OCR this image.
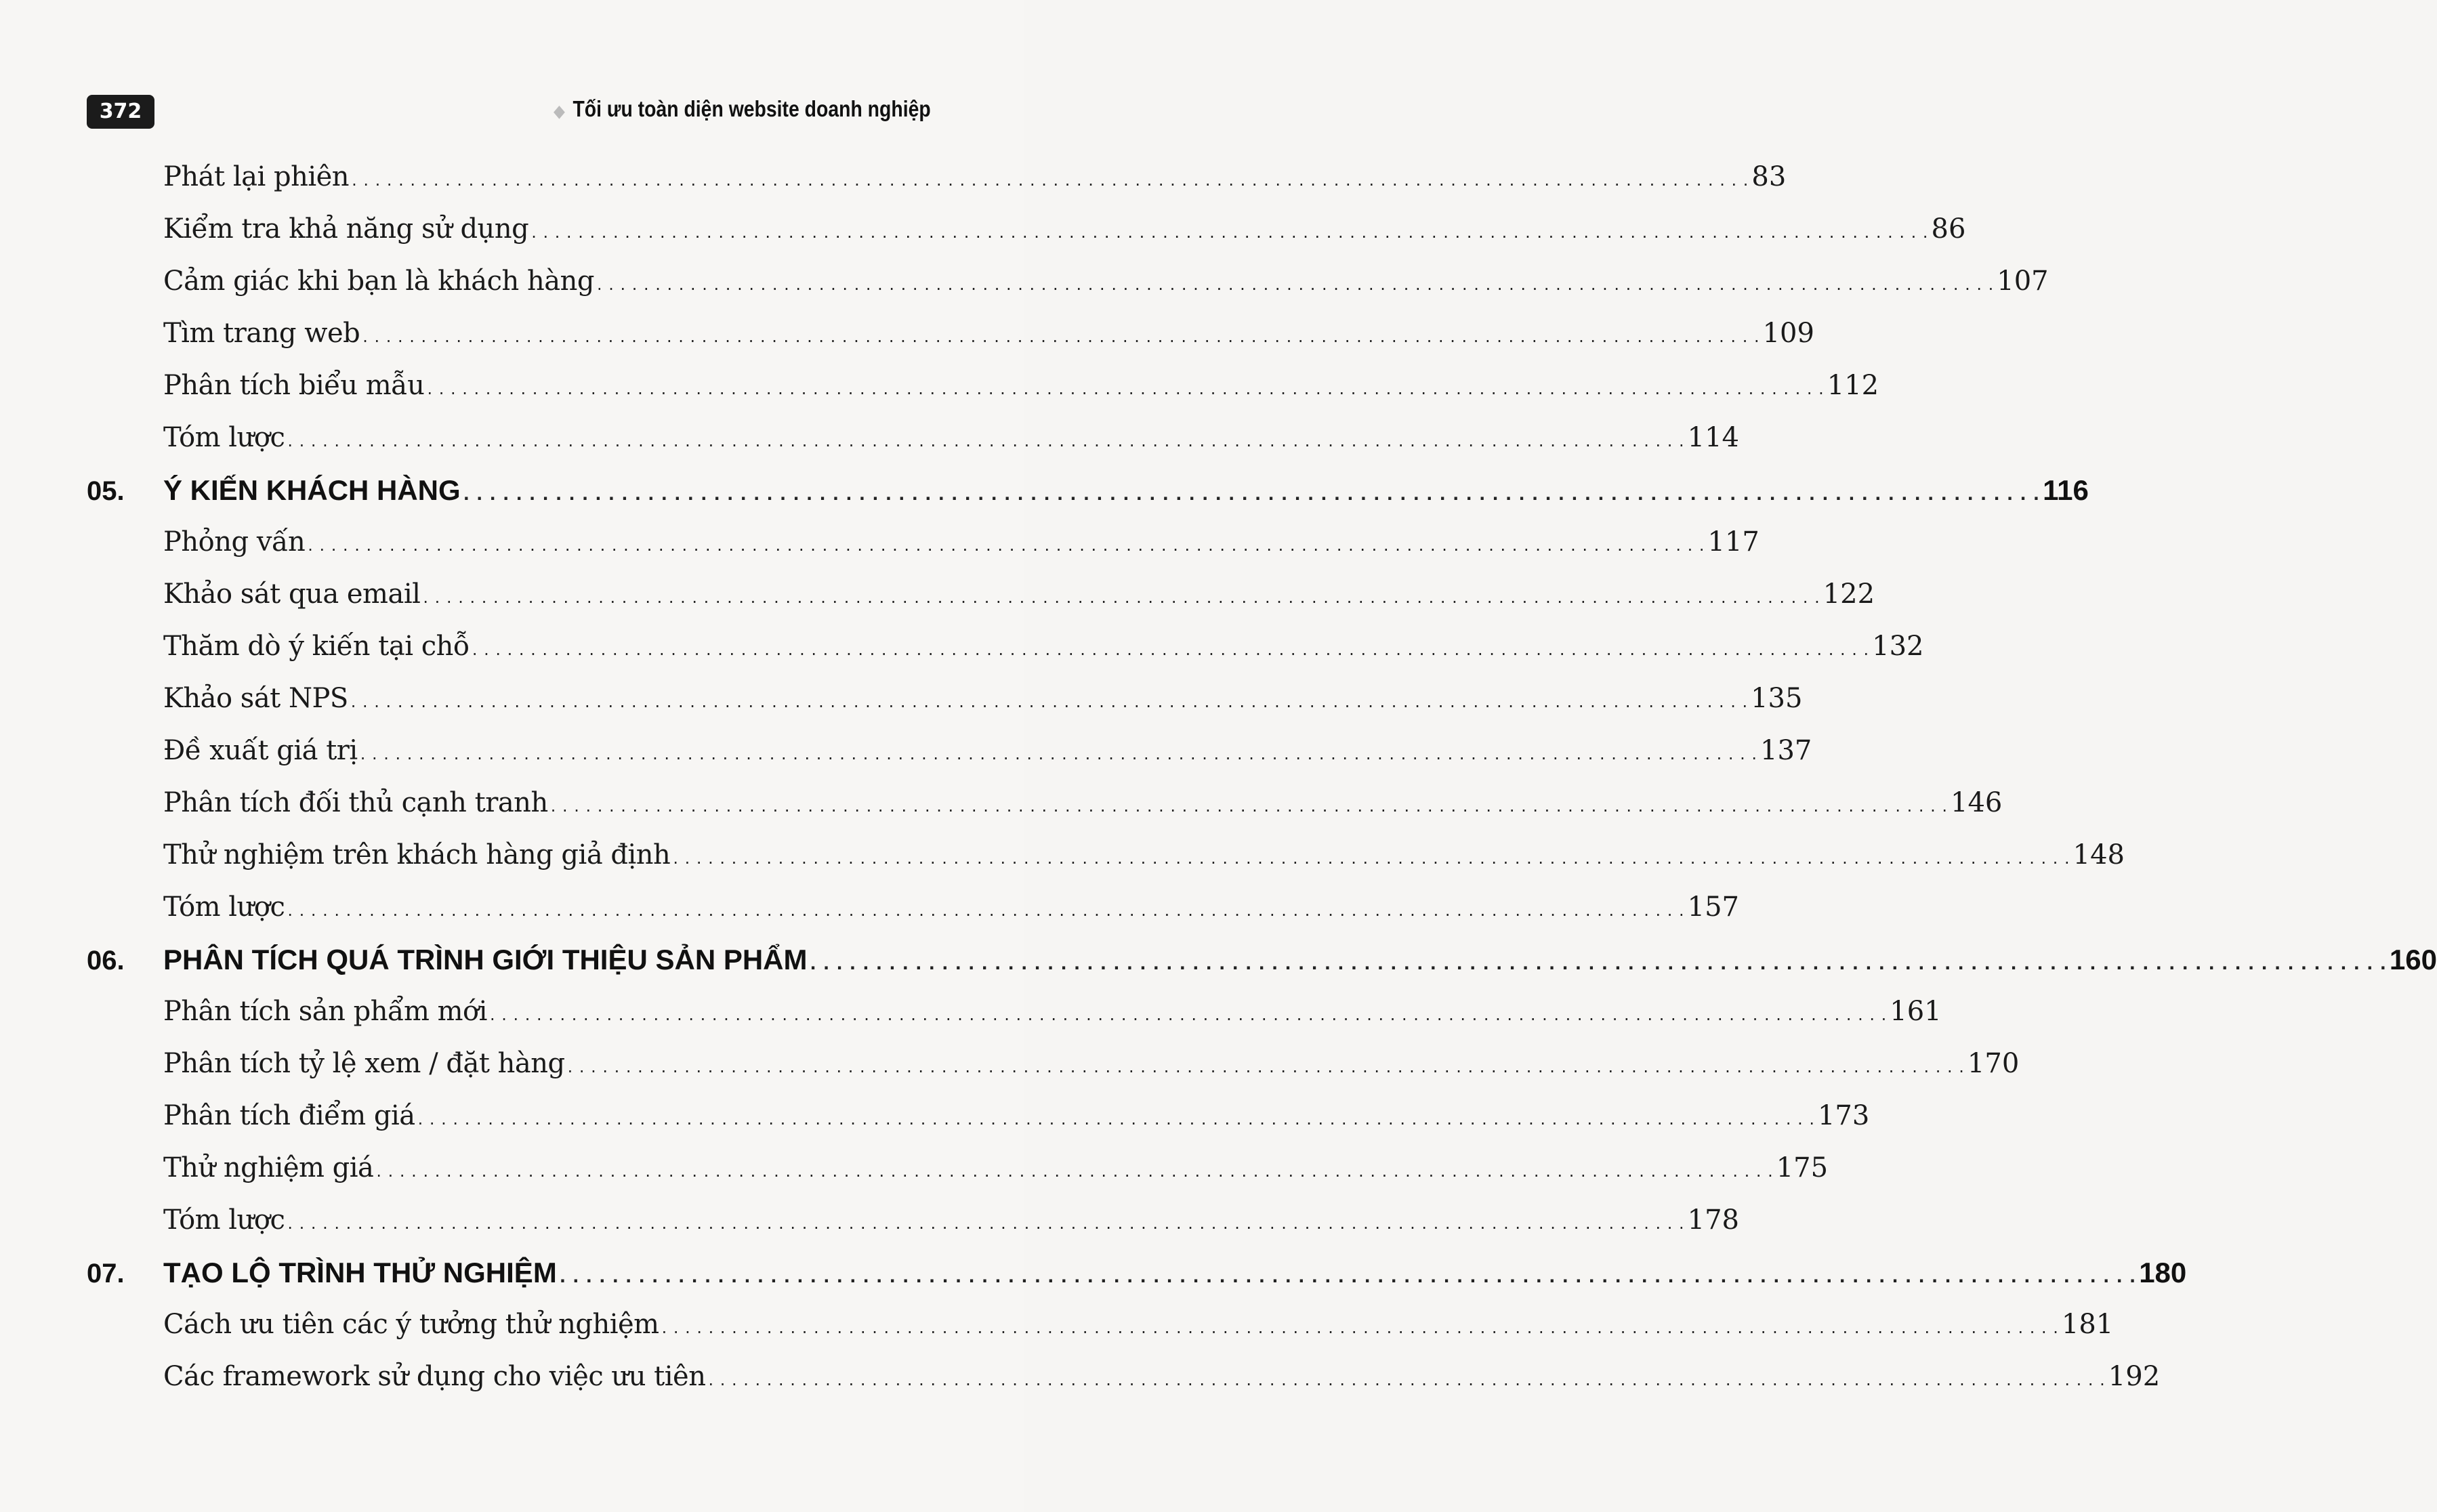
372	◆ Tối ưu toàn diện website doanh nghiệp
Phát lại phiên . . . . . . . . . . . . . . . . . . . . . . . . . . . . . . . . . . . . . . . . . . . . . . . . . . . . . . . . . . . . . . . . . . . . . . . . . . . . . . . . . . . . . . . . . . . . . . . . . . . . . . . . . . . . . . . . . . . . . . . . 83
Kiểm tra khả năng sử dụng . . . . . . . . . . . . . . . . . . . . . . . . . . . . . . . . . . . . . . . . . . . . . . . . . . . . . . . . . . . . . . . . . . . . . . . . . . . . . . . . . . . . . . . . . . . . . . . . . . . . . . . . . . . . . . . . . . . . . . . . 86
Cảm giác khi bạn là khách hàng . . . . . . . . . . . . . . . . . . . . . . . . . . . . . . . . . . . . . . . . . . . . . . . . . . . . . . . . . . . . . . . . . . . . . . . . . . . . . . . . . . . . . . . . . . . . . . . . . . . . . . . . . . . . . . . . . . . . . . . . 107
Tìm trang web . . . . . . . . . . . . . . . . . . . . . . . . . . . . . . . . . . . . . . . . . . . . . . . . . . . . . . . . . . . . . . . . . . . . . . . . . . . . . . . . . . . . . . . . . . . . . . . . . . . . . . . . . . . . . . . . . . . . . . . . 109
Phân tích biểu mẫu . . . . . . . . . . . . . . . . . . . . . . . . . . . . . . . . . . . . . . . . . . . . . . . . . . . . . . . . . . . . . . . . . . . . . . . . . . . . . . . . . . . . . . . . . . . . . . . . . . . . . . . . . . . . . . . . . . . . . . . . 112
Tóm lược . . . . . . . . . . . . . . . . . . . . . . . . . . . . . . . . . . . . . . . . . . . . . . . . . . . . . . . . . . . . . . . . . . . . . . . . . . . . . . . . . . . . . . . . . . . . . . . . . . . . . . . . . . . . . . . . . . . . . . . . 114
05.	Ý KIẾN KHÁCH HÀNG . . . . . . . . . . . . . . . . . . . . . . . . . . . . . . . . . . . . . . . . . . . . . . . . . . . . . . . . . . . . . . . . . . . . . . . . . . . . . . . . . . . . . . . . . . . . . . . . . . . . . . . . . . . . . . . . . . . . . . . . 116
Phỏng vấn . . . . . . . . . . . . . . . . . . . . . . . . . . . . . . . . . . . . . . . . . . . . . . . . . . . . . . . . . . . . . . . . . . . . . . . . . . . . . . . . . . . . . . . . . . . . . . . . . . . . . . . . . . . . . . . . . . . . . . . . 117
Khảo sát qua email . . . . . . . . . . . . . . . . . . . . . . . . . . . . . . . . . . . . . . . . . . . . . . . . . . . . . . . . . . . . . . . . . . . . . . . . . . . . . . . . . . . . . . . . . . . . . . . . . . . . . . . . . . . . . . . . . . . . . . . . 122
Thăm dò ý kiến tại chỗ . . . . . . . . . . . . . . . . . . . . . . . . . . . . . . . . . . . . . . . . . . . . . . . . . . . . . . . . . . . . . . . . . . . . . . . . . . . . . . . . . . . . . . . . . . . . . . . . . . . . . . . . . . . . . . . . . . . . . . . . 132
Khảo sát NPS . . . . . . . . . . . . . . . . . . . . . . . . . . . . . . . . . . . . . . . . . . . . . . . . . . . . . . . . . . . . . . . . . . . . . . . . . . . . . . . . . . . . . . . . . . . . . . . . . . . . . . . . . . . . . . . . . . . . . . . . 135
Đề xuất giá trị . . . . . . . . . . . . . . . . . . . . . . . . . . . . . . . . . . . . . . . . . . . . . . . . . . . . . . . . . . . . . . . . . . . . . . . . . . . . . . . . . . . . . . . . . . . . . . . . . . . . . . . . . . . . . . . . . . . . . . . . 137
Phân tích đối thủ cạnh tranh . . . . . . . . . . . . . . . . . . . . . . . . . . . . . . . . . . . . . . . . . . . . . . . . . . . . . . . . . . . . . . . . . . . . . . . . . . . . . . . . . . . . . . . . . . . . . . . . . . . . . . . . . . . . . . . . . . . . . . . . 146
Thử nghiệm trên khách hàng giả định . . . . . . . . . . . . . . . . . . . . . . . . . . . . . . . . . . . . . . . . . . . . . . . . . . . . . . . . . . . . . . . . . . . . . . . . . . . . . . . . . . . . . . . . . . . . . . . . . . . . . . . . . . . . . . . . . . . . . . . . 148
Tóm lược . . . . . . . . . . . . . . . . . . . . . . . . . . . . . . . . . . . . . . . . . . . . . . . . . . . . . . . . . . . . . . . . . . . . . . . . . . . . . . . . . . . . . . . . . . . . . . . . . . . . . . . . . . . . . . . . . . . . . . . . 157
06.	PHÂN TÍCH QUÁ TRÌNH GIỚI THIỆU SẢN PHẨM . . . . . . . . . . . . . . . . . . . . . . . . . . . . . . . . . . . . . . . . . . . . . . . . . . . . . . . . . . . . . . . . . . . . . . . . . . . . . . . . . . . . . . . . . . . . . . . . . . . . . . . . . . . . . . . . . . . . . . . . 160
Phân tích sản phẩm mới . . . . . . . . . . . . . . . . . . . . . . . . . . . . . . . . . . . . . . . . . . . . . . . . . . . . . . . . . . . . . . . . . . . . . . . . . . . . . . . . . . . . . . . . . . . . . . . . . . . . . . . . . . . . . . . . . . . . . . . . 161
Phân tích tỷ lệ xem / đặt hàng . . . . . . . . . . . . . . . . . . . . . . . . . . . . . . . . . . . . . . . . . . . . . . . . . . . . . . . . . . . . . . . . . . . . . . . . . . . . . . . . . . . . . . . . . . . . . . . . . . . . . . . . . . . . . . . . . . . . . . . . 170
Phân tích điểm giá . . . . . . . . . . . . . . . . . . . . . . . . . . . . . . . . . . . . . . . . . . . . . . . . . . . . . . . . . . . . . . . . . . . . . . . . . . . . . . . . . . . . . . . . . . . . . . . . . . . . . . . . . . . . . . . . . . . . . . . . 173
Thử nghiệm giá . . . . . . . . . . . . . . . . . . . . . . . . . . . . . . . . . . . . . . . . . . . . . . . . . . . . . . . . . . . . . . . . . . . . . . . . . . . . . . . . . . . . . . . . . . . . . . . . . . . . . . . . . . . . . . . . . . . . . . . . 175
Tóm lược . . . . . . . . . . . . . . . . . . . . . . . . . . . . . . . . . . . . . . . . . . . . . . . . . . . . . . . . . . . . . . . . . . . . . . . . . . . . . . . . . . . . . . . . . . . . . . . . . . . . . . . . . . . . . . . . . . . . . . . . 178
07.	TẠO LỘ TRÌNH THỬ NGHIỆM . . . . . . . . . . . . . . . . . . . . . . . . . . . . . . . . . . . . . . . . . . . . . . . . . . . . . . . . . . . . . . . . . . . . . . . . . . . . . . . . . . . . . . . . . . . . . . . . . . . . . . . . . . . . . . . . . . . . . . . . 180
Cách ưu tiên các ý tưởng thử nghiệm . . . . . . . . . . . . . . . . . . . . . . . . . . . . . . . . . . . . . . . . . . . . . . . . . . . . . . . . . . . . . . . . . . . . . . . . . . . . . . . . . . . . . . . . . . . . . . . . . . . . . . . . . . . . . . . . . . . . . . . . 181
Các framework sử dụng cho việc ưu tiên . . . . . . . . . . . . . . . . . . . . . . . . . . . . . . . . . . . . . . . . . . . . . . . . . . . . . . . . . . . . . . . . . . . . . . . . . . . . . . . . . . . . . . . . . . . . . . . . . . . . . . . . . . . . . . . . . . . . . . . . 192
